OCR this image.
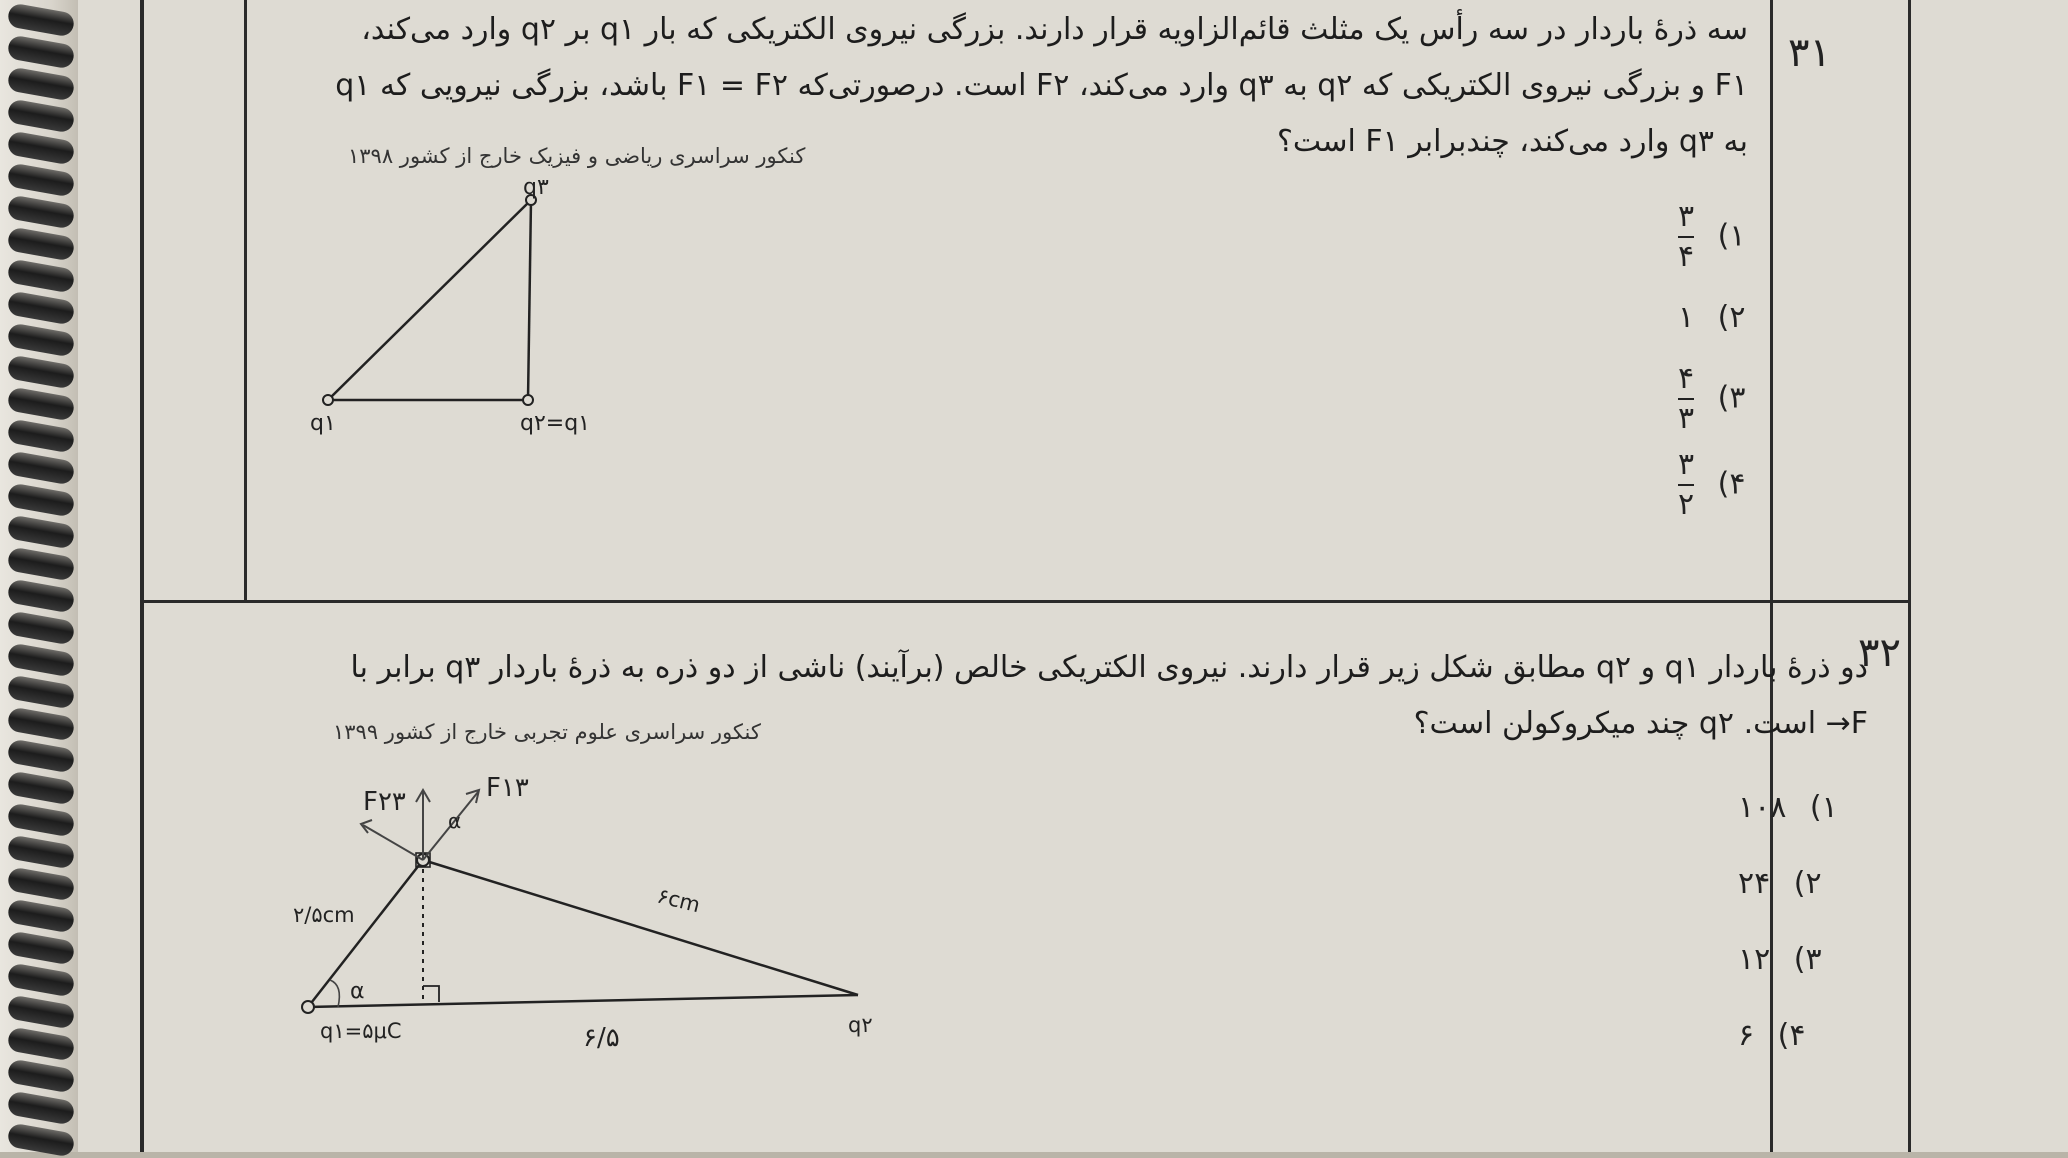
۳۱
سه ذرهٔ باردار در سه رأس یک مثلث قائم‌الزاویه قرار دارند. بزرگی نیروی الکتریکی که بار q۱ بر q۲ وارد می‌کند، F۱ و بزرگی نیروی الکتریکی که q۲ به q۳ وارد می‌کند، F۲ است. درصورتی‌که F۱ = F۲ باشد، بزرگی نیرویی که q۱ به q۳ وارد می‌کند، چندبرابر F۱ است؟
کنکور سراسری ریاضی و فیزیک خارج از کشور ۱۳۹۸
۱) $\frac{۳}{۴}$
۲) ۱
۳) $\frac{۴}{۳}$
۴) $\frac{۳}{۲}$
q۳
q۱	q۲=q۱
۳۲
دو ذرهٔ باردار q۱ و q۲ مطابق شکل زیر قرار دارند. نیروی الکتریکی خالص (برآیند) ناشی از دو ذره به ذرهٔ باردار q۳ برابر با F→ است. q۲ چند میکروکولن است؟
کنکور سراسری علوم تجربی خارج از کشور ۱۳۹۹
۱) ۱۰۸
۲) ۲۴
۳) ۱۲
۴) ۶
۲/۵cm	۶cm
q۱=۵μC	q۲
۶/۵
α
α
F۲۳	F۱۳
